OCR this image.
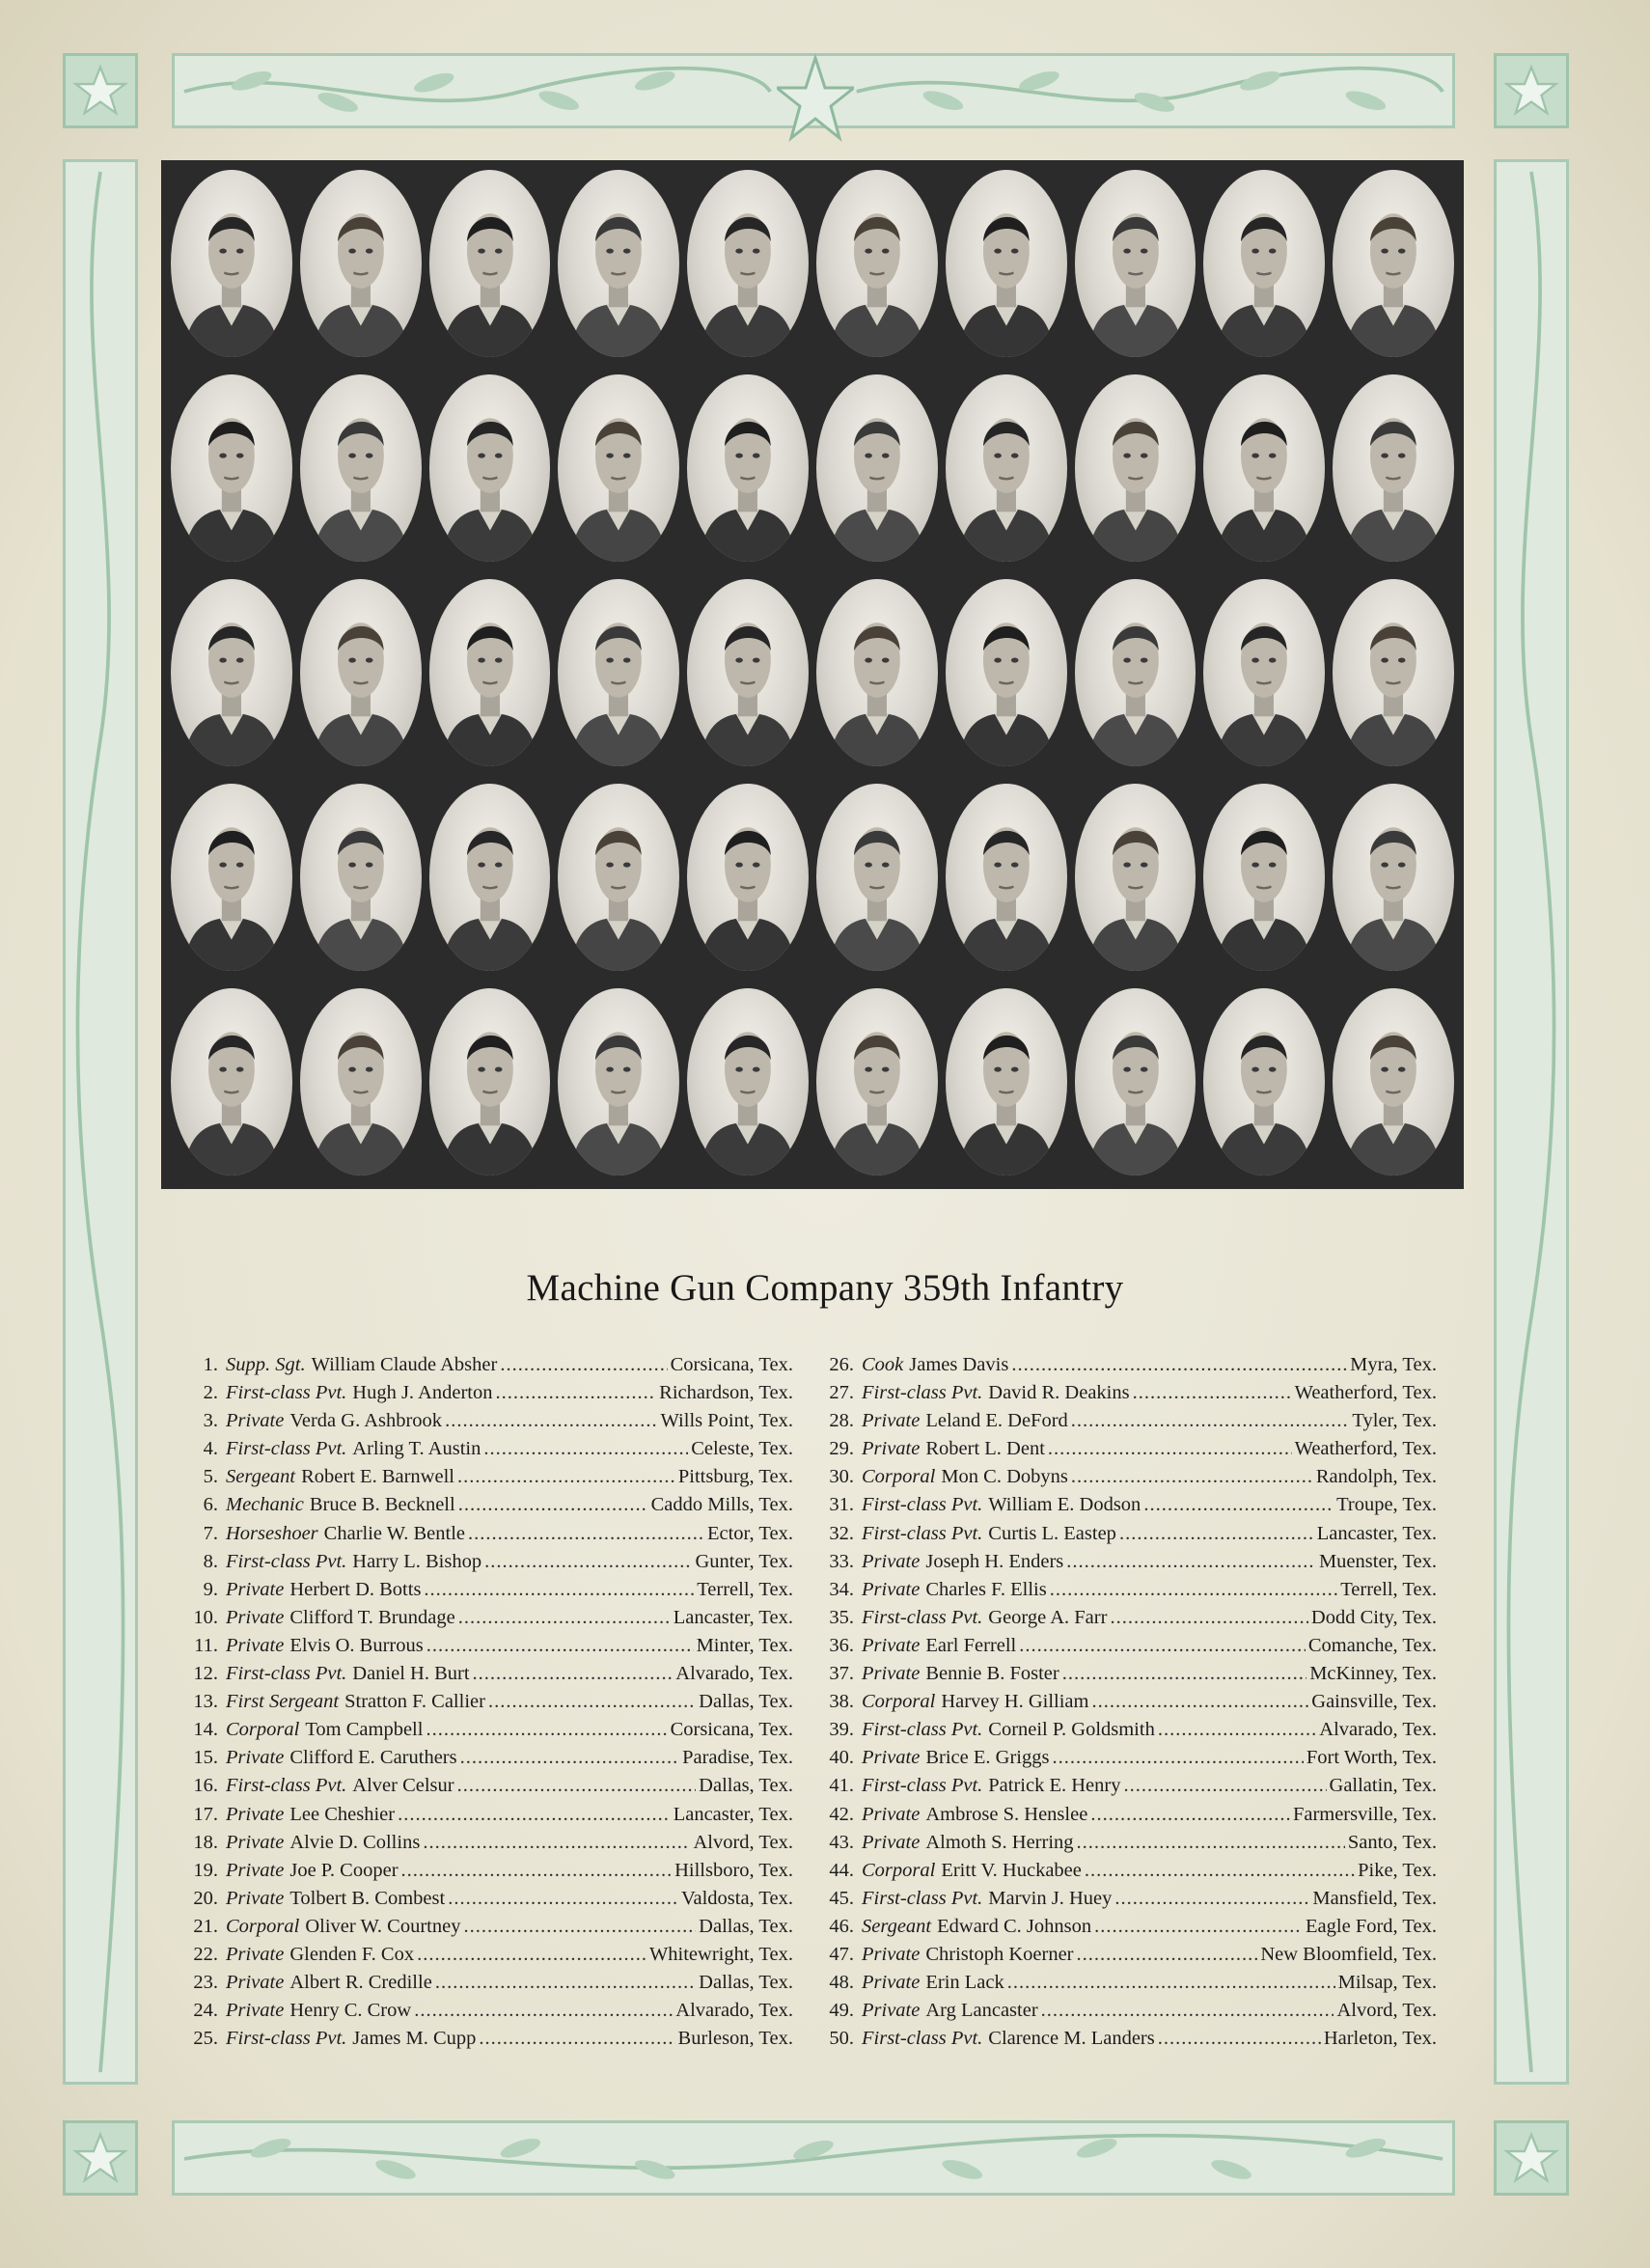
1	2	3	4	5	6	7	8	9	10
11	12	13	14	15	16	17	18	19	20
21	22	23	24	25	26	27	28	29	30
31	32	33	34	35	36	37	38	39	40
41	42	43	44	45	46	47	48	49	50
Machine Gun Company 359th Infantry
1. Supp. Sgt. William Claude Absher .....	Corsicana, Tex.
2. First-class Pvt. Hugh J. Anderton .....	Richardson, Tex.
3. Private Verda G. Ashbrook .....	Wills Point, Tex.
4. First-class Pvt. Arling T. Austin .....	Celeste, Tex.
5. Sergeant Robert E. Barnwell .....	Pittsburg, Tex.
6. Mechanic Bruce B. Becknell .....	Caddo Mills, Tex.
7. Horseshoer Charlie W. Bentle .....	Ector, Tex.
8. First-class Pvt. Harry L. Bishop .....	Gunter, Tex.
9. Private Herbert D. Botts .....	Terrell, Tex.
10. Private Clifford T. Brundage .....	Lancaster, Tex.
11. Private Elvis O. Burrous .....	Minter, Tex.
12. First-class Pvt. Daniel H. Burt .....	Alvarado, Tex.
13. First Sergeant Stratton F. Callier .....	Dallas, Tex.
14. Corporal Tom Campbell .....	Corsicana, Tex.
15. Private Clifford E. Caruthers .....	Paradise, Tex.
16. First-class Pvt. Alver Celsur .....	Dallas, Tex.
17. Private Lee Cheshier .....	Lancaster, Tex.
18. Private Alvie D. Collins .....	Alvord, Tex.
19. Private Joe P. Cooper .....	Hillsboro, Tex.
20. Private Tolbert B. Combest .....	Valdosta, Tex.
21. Corporal Oliver W. Courtney .....	Dallas, Tex.
22. Private Glenden F. Cox .....	Whitewright, Tex.
23. Private Albert R. Credille .....	Dallas, Tex.
24. Private Henry C. Crow .....	Alvarado, Tex.
25. First-class Pvt. James M. Cupp .....	Burleson, Tex.
26. Cook James Davis .....	Myra, Tex.
27. First-class Pvt. David R. Deakins .....	Weatherford, Tex.
28. Private Leland E. DeFord .....	Tyler, Tex.
29. Private Robert L. Dent .....	Weatherford, Tex.
30. Corporal Mon C. Dobyns .....	Randolph, Tex.
31. First-class Pvt. William E. Dodson .....	Troupe, Tex.
32. First-class Pvt. Curtis L. Eastep .....	Lancaster, Tex.
33. Private Joseph H. Enders .....	Muenster, Tex.
34. Private Charles F. Ellis .....	Terrell, Tex.
35. First-class Pvt. George A. Farr .....	Dodd City, Tex.
36. Private Earl Ferrell .....	Comanche, Tex.
37. Private Bennie B. Foster .....	McKinney, Tex.
38. Corporal Harvey H. Gilliam .....	Gainsville, Tex.
39. First-class Pvt. Corneil P. Goldsmith .....	Alvarado, Tex.
40. Private Brice E. Griggs .....	Fort Worth, Tex.
41. First-class Pvt. Patrick E. Henry .....	Gallatin, Tex.
42. Private Ambrose S. Henslee .....	Farmersville, Tex.
43. Private Almoth S. Herring .....	Santo, Tex.
44. Corporal Eritt V. Huckabee .....	Pike, Tex.
45. First-class Pvt. Marvin J. Huey .....	Mansfield, Tex.
46. Sergeant Edward C. Johnson .....	Eagle Ford, Tex.
47. Private Christoph Koerner .....	New Bloomfield, Tex.
48. Private Erin Lack .....	Milsap, Tex.
49. Private Arg Lancaster .....	Alvord, Tex.
50. First-class Pvt. Clarence M. Landers .....	Harleton, Tex.
